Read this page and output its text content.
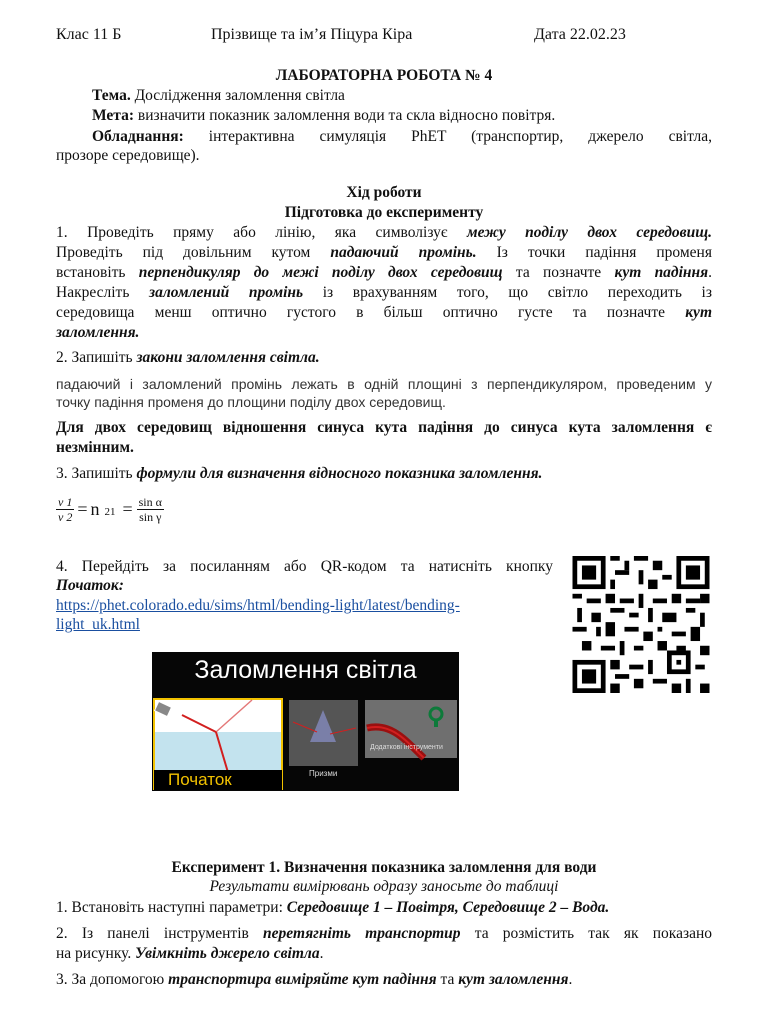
Клас 11 Б	Прізвище та ім’я Піцура Кіра	Дата 22.02.23
ЛАБОРАТОРНА РОБОТА № 4
Тема. Дослідження заломлення світла
Мета: визначити показник заломлення води та скла відносно повітря.
Обладнання: інтерактивна симуляція PhET (транспортир, джерело світла,
прозоре середовище).
Хід роботи
Підготовка до експерименту
1. Проведіть пряму або лінію, яка символізує межу поділу двох середовищ.
Проведіть під довільним кутом падаючий промінь. Із точки падіння променя
встановіть перпендикуляр до межі поділу двох середовищ та позначте кут падіння.
Накресліть заломлений промінь із врахуванням того, що світло переходить із
середовища менш оптично густого в більш оптично густе та позначте кут
заломлення.
2. Запишіть закони заломлення світла.
падаючий і заломлений промінь лежать в одній площині з перпендикуляром, проведеним у
точку падіння променя до площини поділу двох середовищ.
Для двох середовищ відношення синуса кута падіння до синуса кута заломлення є
незмінним.
3. Запишіть формули для визначення відносного показника заломлення.
$\frac{v 1}{v 2} = n$ $21 = \frac{\text{sin α}}{\text{sin γ}}$
4. Перейдіть за посиланням або QR-кодом та натисніть кнопку
Початок:
https://phet.colorado.edu/sims/html/bending-light/latest/bending-
light_uk.html
Заломлення світла
Початок	Призми
Додаткові інструменти
Експеримент 1. Визначення показника заломлення для води
Результати вимірювань одразу заносьте до таблиці
1. Встановіть наступні параметри: Середовище 1 – Повітря, Середовище 2 – Вода.
2. Із панелі інструментів перетягніть транспортир та розмістить так як показано
на рисунку. Увімкніть джерело світла.
3. За допомогою транспортира виміряйте кут падіння та кут заломлення.
